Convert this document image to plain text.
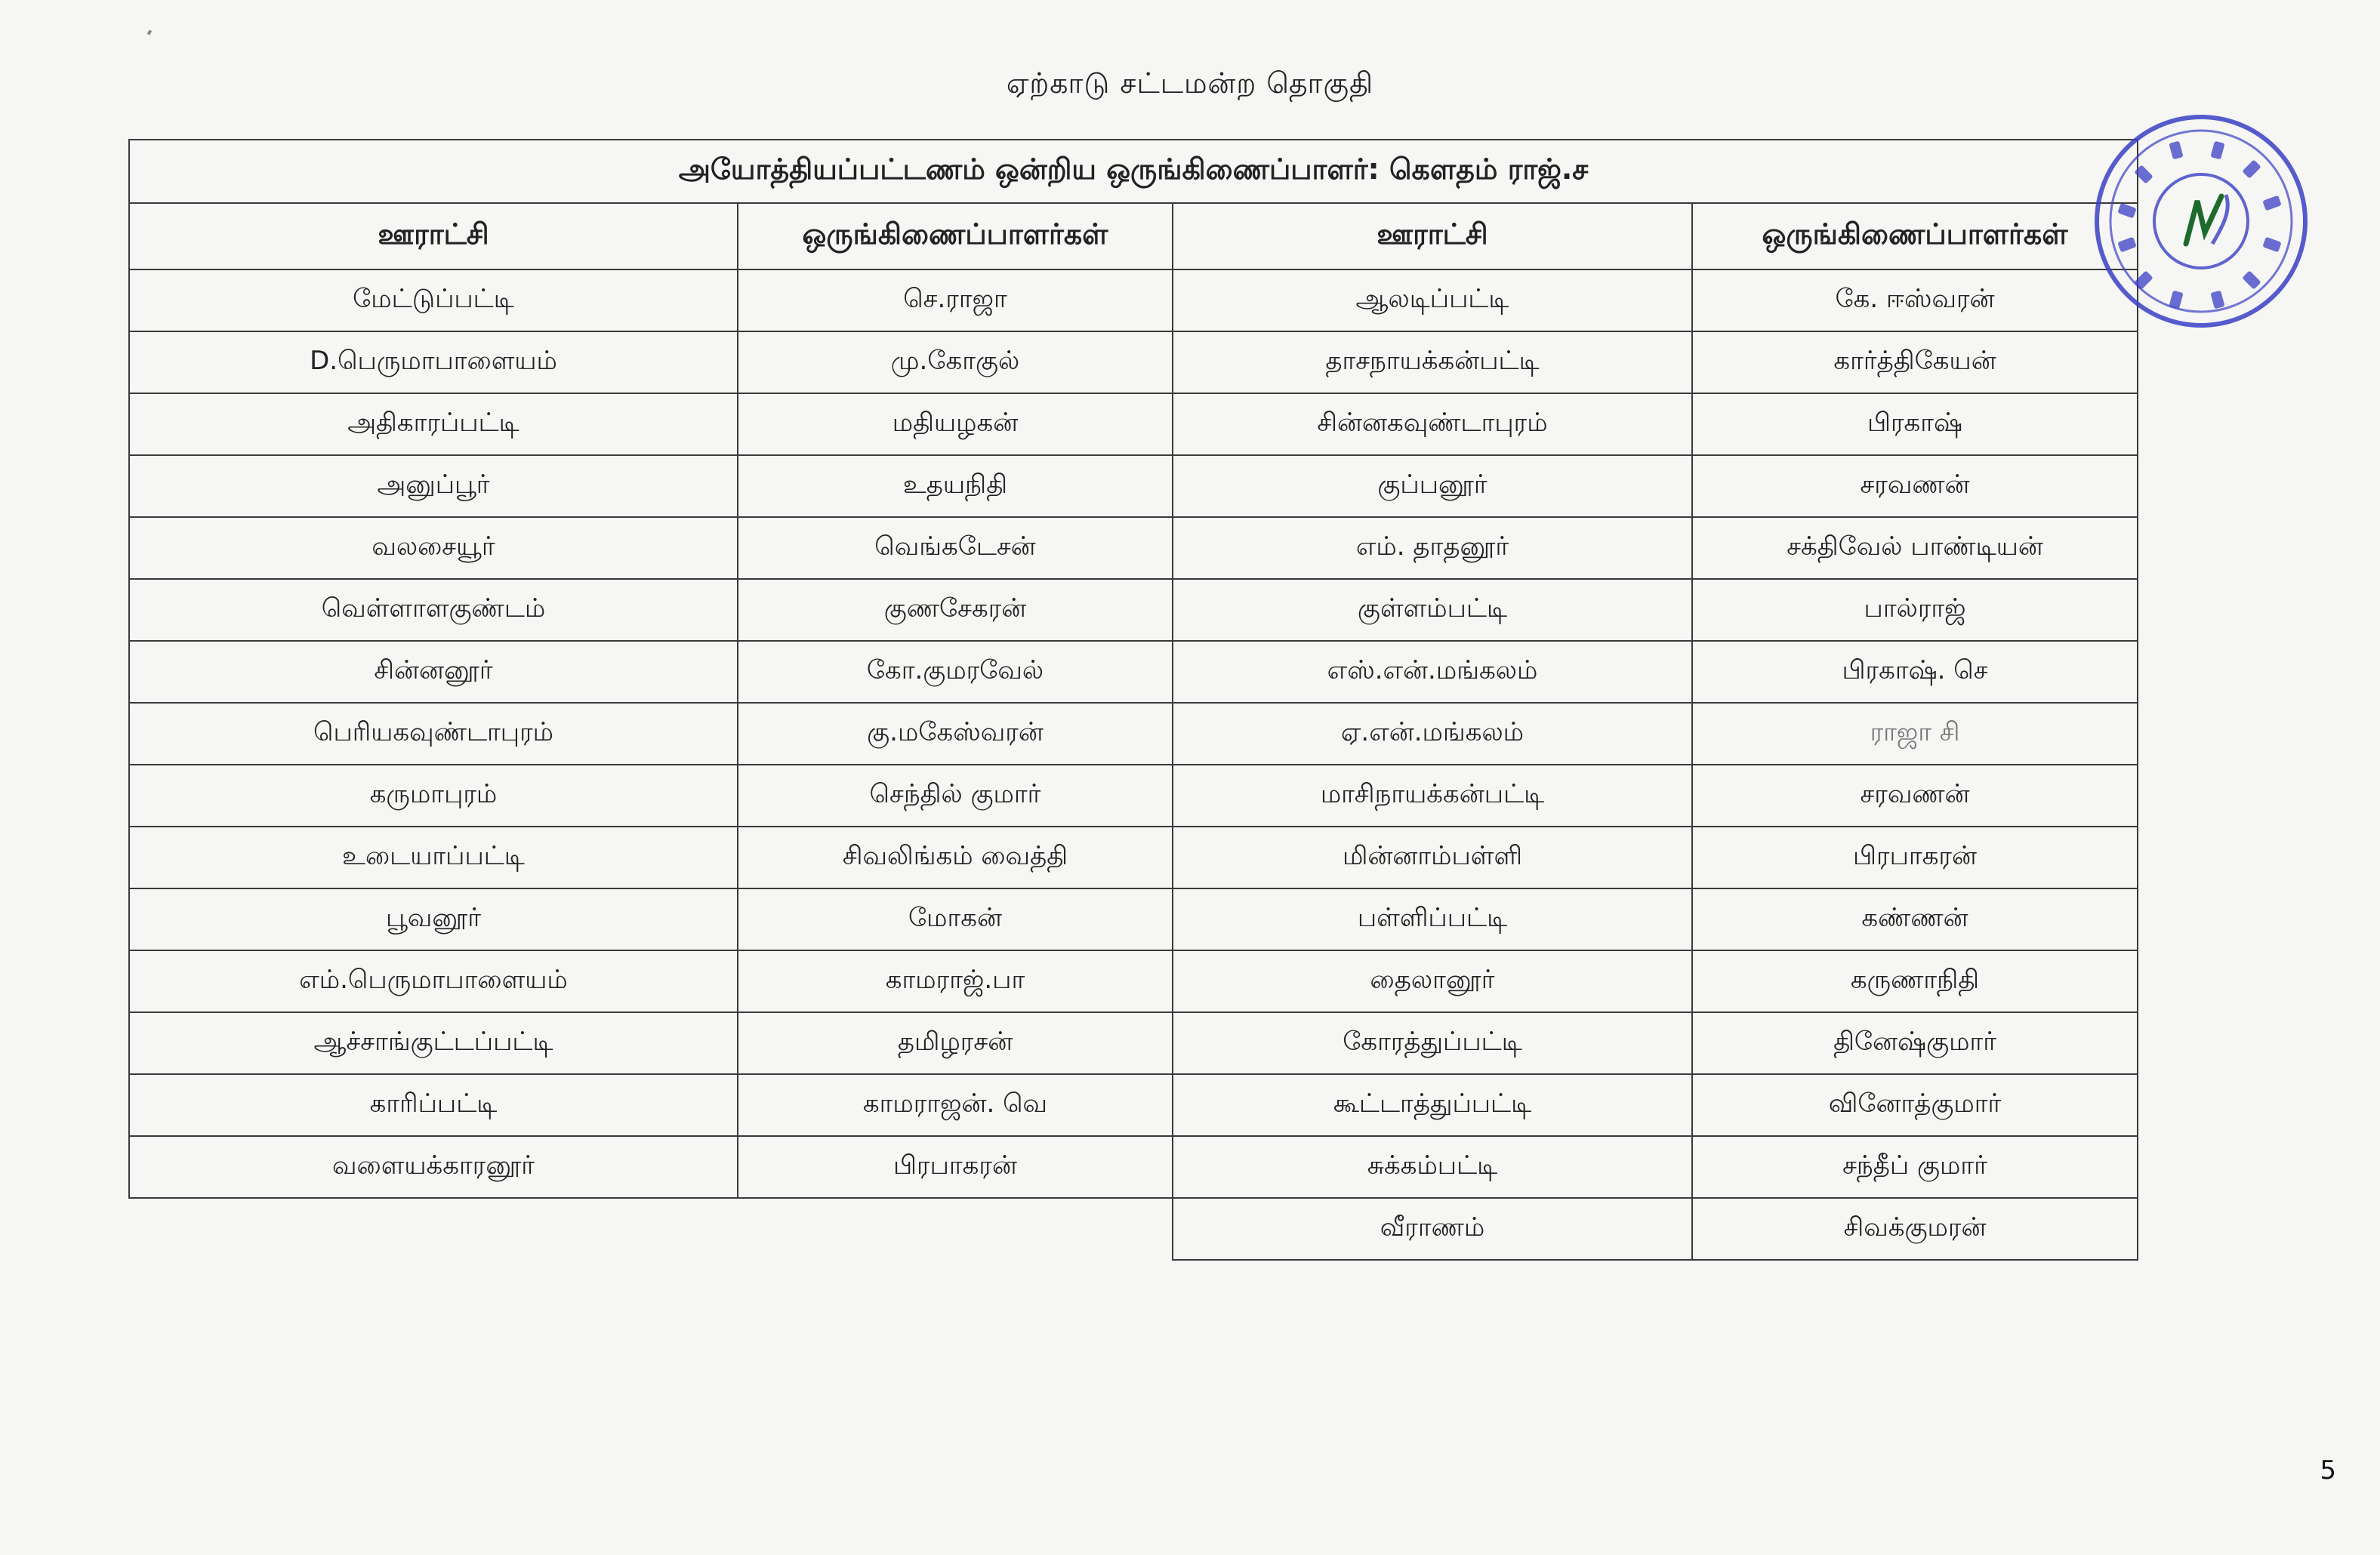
ஏற்காடு சட்டமன்ற தொகுதி
அயோத்தியப்பட்டணம் ஒன்றிய ஒருங்கிணைப்பாளர்: கௌதம் ராஜ்.ச			
ஊராட்சி	ஒருங்கிணைப்பாளர்கள்	ஊராட்சி	ஒருங்கிணைப்பாளர்கள்
மேட்டுப்பட்டி	செ.ராஜா	ஆலடிப்பட்டி	கே. ஈஸ்வரன்
D.பெருமாபாளையம்	மு.கோகுல்	தாசநாயக்கன்பட்டி	கார்த்திகேயன்
அதிகாரப்பட்டி	மதியழகன்	சின்னகவுண்டாபுரம்	பிரகாஷ்
அனுப்பூர்	உதயநிதி	குப்பனூர்	சரவணன்
வலசையூர்	வெங்கடேசன்	எம். தாதனூர்	சக்திவேல் பாண்டியன்
வெள்ளாளகுண்டம்	குணசேகரன்	குள்ளம்பட்டி	பால்ராஜ்
சின்னனூர்	கோ.குமரவேல்	எஸ்.என்.மங்கலம்	பிரகாஷ். செ
பெரியகவுண்டாபுரம்	கு.மகேஸ்வரன்	ஏ.என்.மங்கலம்	ராஜா சி
கருமாபுரம்	செந்தில் குமார்	மாசிநாயக்கன்பட்டி	சரவணன்
உடையாப்பட்டி	சிவலிங்கம் வைத்தி	மின்னாம்பள்ளி	பிரபாகரன்
பூவனூர்	மோகன்	பள்ளிப்பட்டி	கண்ணன்
எம்.பெருமாபாளையம்	காமராஜ்.பா	தைலானூர்	கருணாநிதி
ஆச்சாங்குட்டப்பட்டி	தமிழரசன்	கோரத்துப்பட்டி	தினேஷ்குமார்
காரிப்பட்டி	காமராஜன். வெ	கூட்டாத்துப்பட்டி	வினோத்குமார்
வளையக்காரனூர்	பிரபாகரன்	சுக்கம்பட்டி	சந்தீப் குமார்
		வீராணம்	சிவக்குமரன்
5
